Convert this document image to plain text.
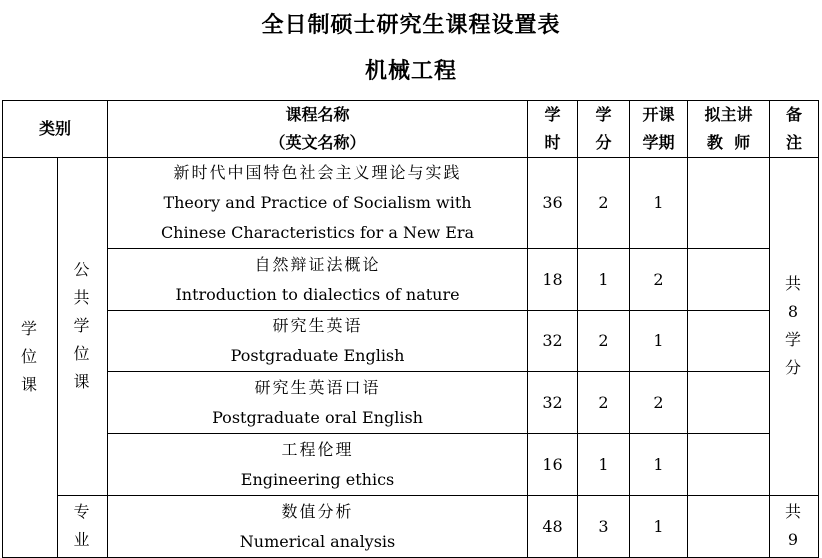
全日制硕士研究生课程设置表
机械工程
类别		课程名称
（英文名称）	学时	学分	开课学期	拟主讲教  师	备注
学位课	公共学位课	新时代中国特色社会主义理论与实践
Theory and Practice of Socialism with Chinese Characteristics for a New Era	36	2	1		共8学分

		自然辩证法概论
Introduction to dialectics of nature	18	1	2		

		研究生英语
Postgraduate English	32	2	1		

		研究生英语口语
Postgraduate oral English	32	2	2		

		工程伦理
Engineering ethics	16	1	1		
	专业	数值分析
Numerical analysis	48	3	1		共9
